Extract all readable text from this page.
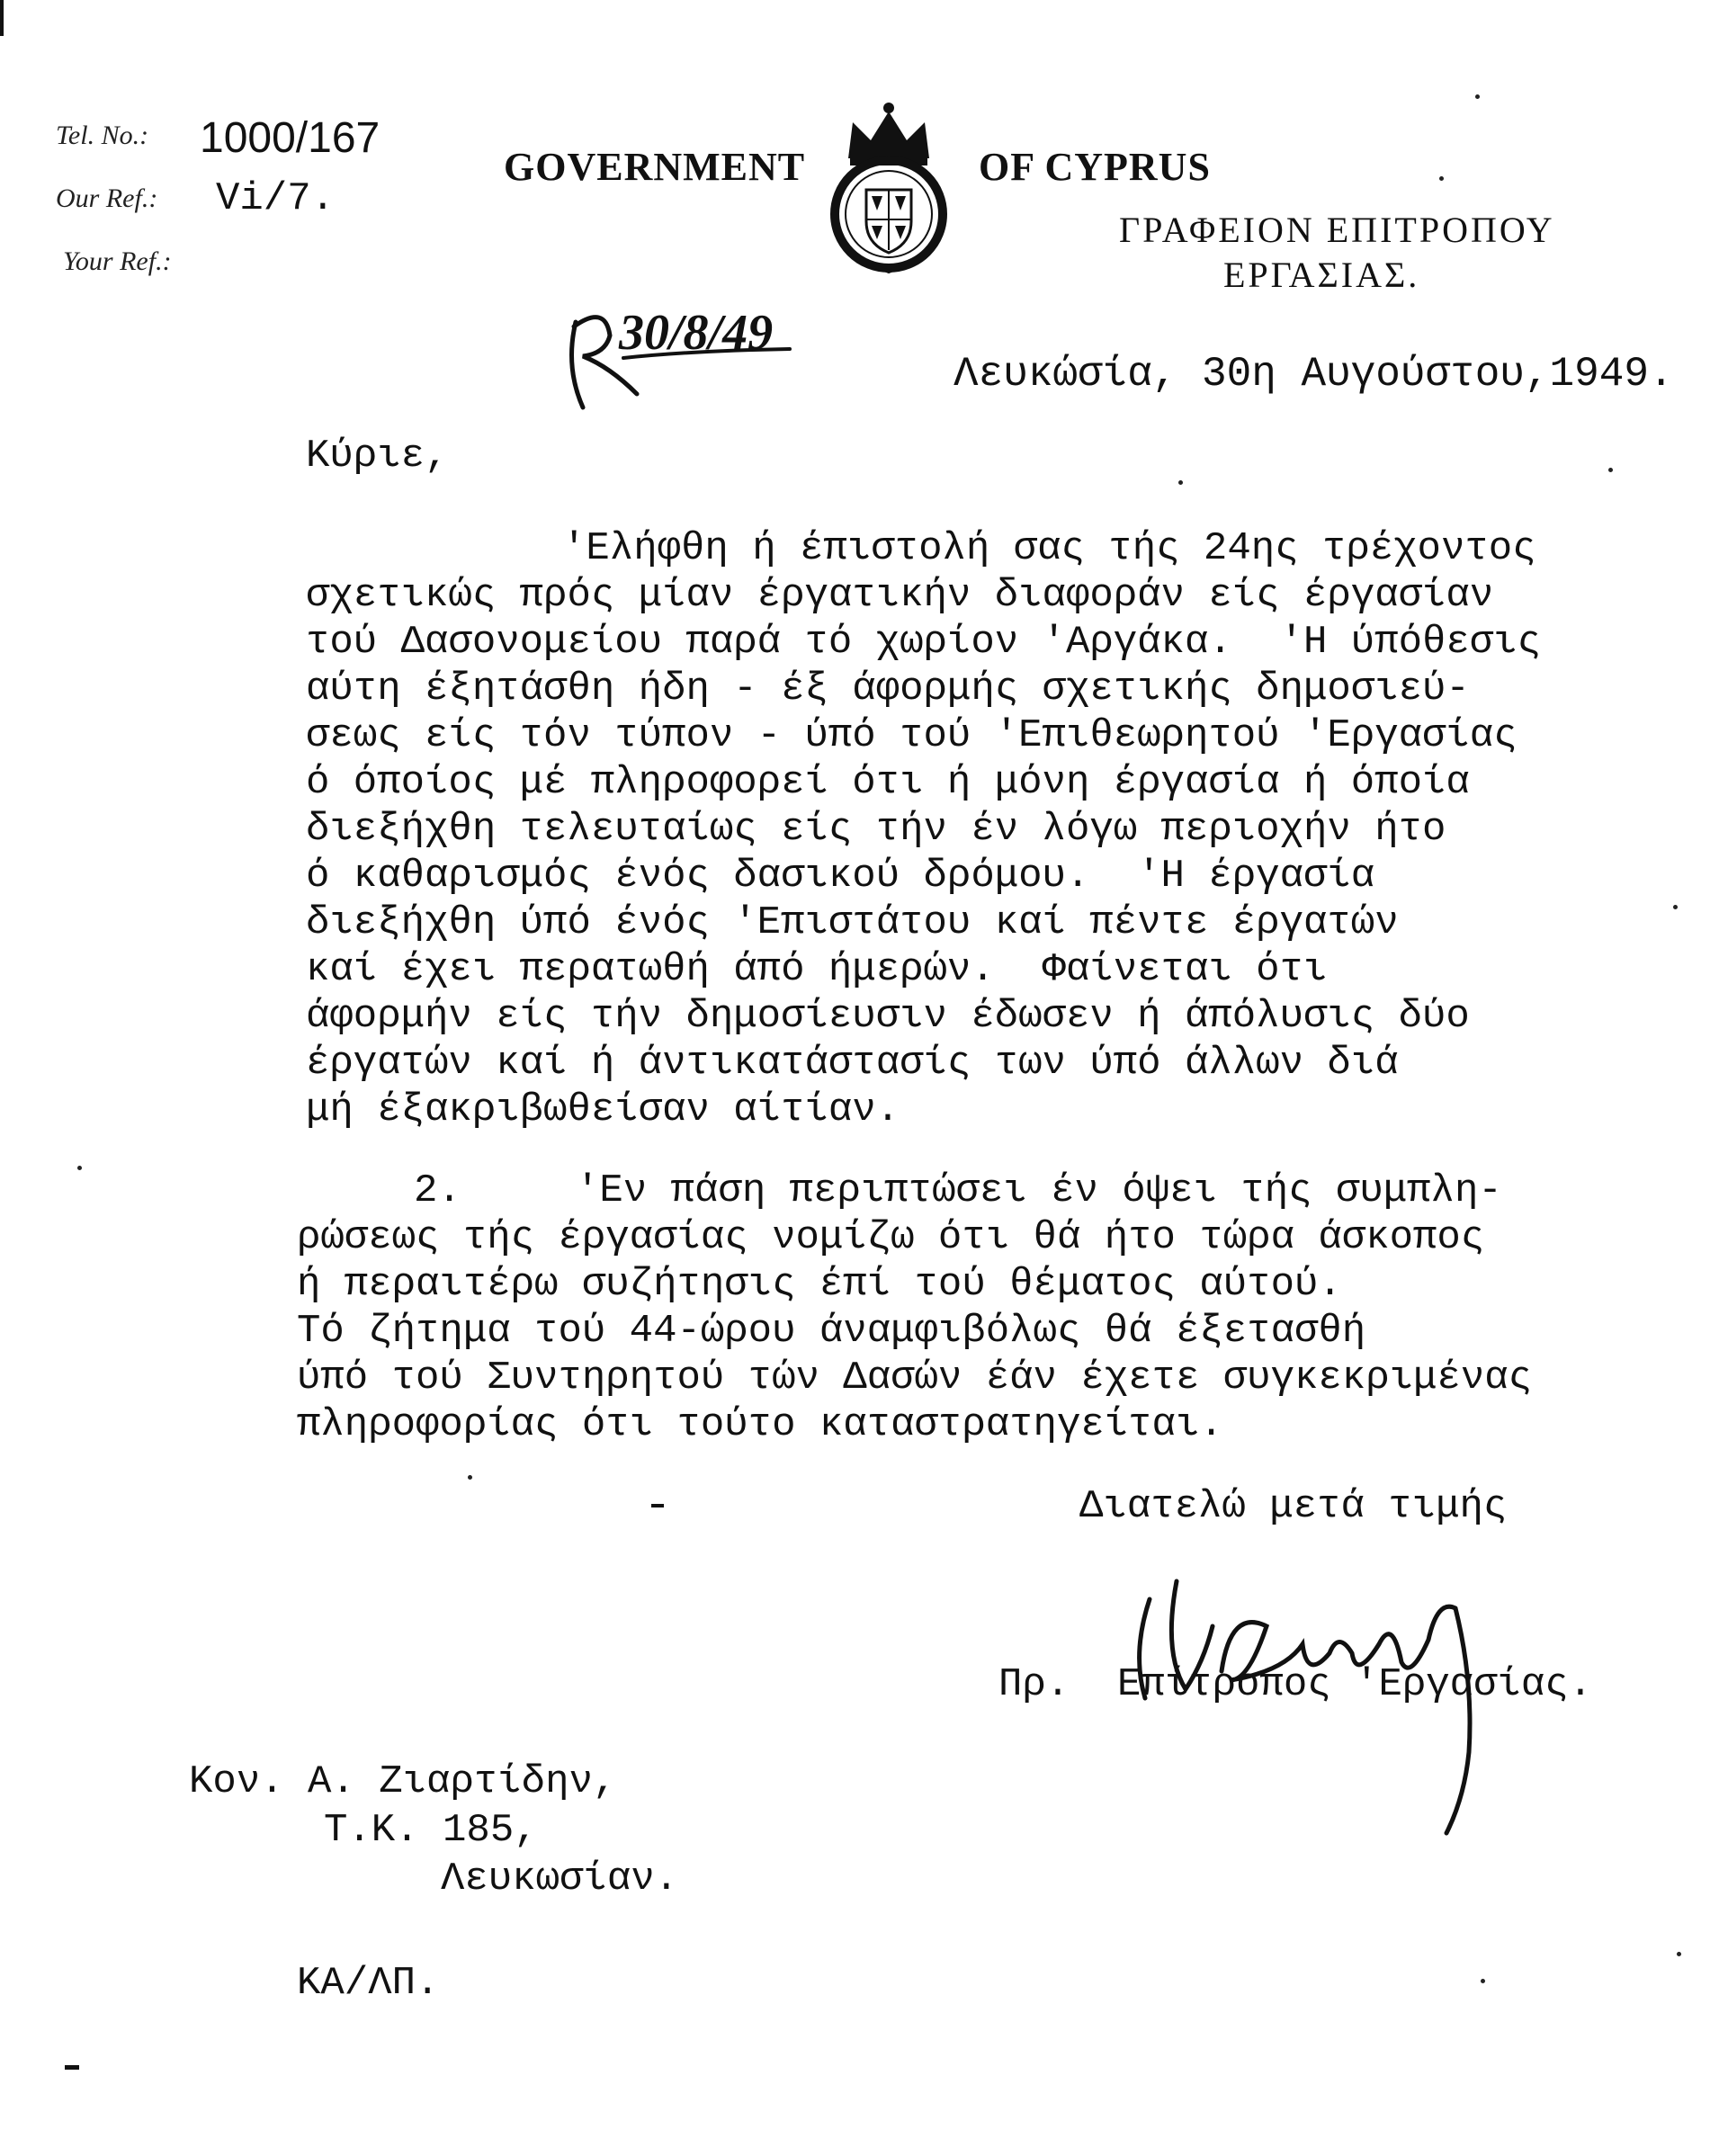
Tel. No.: 1000/167
Our Ref.: Vi/7.
Your Ref.:
GOVERNMENT	OF CYPRUS

ΓΡΑΦΕΙΟΝ ΕΠΙΤΡΟΠΟΥ
ΕΡΓΑΣΙΑΣ.

30/8/49

Λευκώσία, 30η Αυγούστου,1949.
Κύριε,
'Ελήφθη ή έπιστολή σας τής 24ης τρέχοντος
σχετικώς πρός μίαν έργατικήν διαφοράν είς έργασίαν
τού Δασονομείου παρά τό χωρίον 'Αργάκα.  'Η ύπόθεσις
αύτη έξητάσθη ήδη - έξ άφορμής σχετικής δημοσιεύ-
σεως είς τόν τύπον - ύπό τού 'Επιθεωρητού 'Εργασίας
ό όποίος μέ πληροφορεί ότι ή μόνη έργασία ή όποία
διεξήχθη τελευταίως είς τήν έν λόγω περιοχήν ήτο
ό καθαρισμός ένός δασικού δρόμου.  'Η έργασία
διεξήχθη ύπό ένός 'Επιστάτου καί πέντε έργατών
καί έχει περατωθή άπό ήμερών.  Φαίνεται ότι
άφορμήν είς τήν δημοσίευσιν έδωσεν ή άπόλυσις δύο
έργατών καί ή άντικατάστασίς των ύπό άλλων διά
μή έξακριβωθείσαν αίτίαν.
2.	'Εν πάση περιπτώσει έν όψει τής συμπλη-
ρώσεως τής έργασίας νομίζω ότι θά ήτο τώρα άσκοπος
ή περαιτέρω συζήτησις έπί τού θέματος αύτού.
Τό ζήτημα τού 44-ώρου άναμφιβόλως θά έξετασθή
ύπό τού Συντηρητού τών Δασών έάν έχετε συγκεκριμένας
πληροφορίας ότι τούτο καταστρατηγείται.
Διατελώ μετά τιμής

Πρ.  Επίτροπος 'Εργασίας.
Κον. Α. Ζιαρτίδην,
Τ.Κ. 185,
Λευκωσίαν.
ΚΑ/ΛΠ.
